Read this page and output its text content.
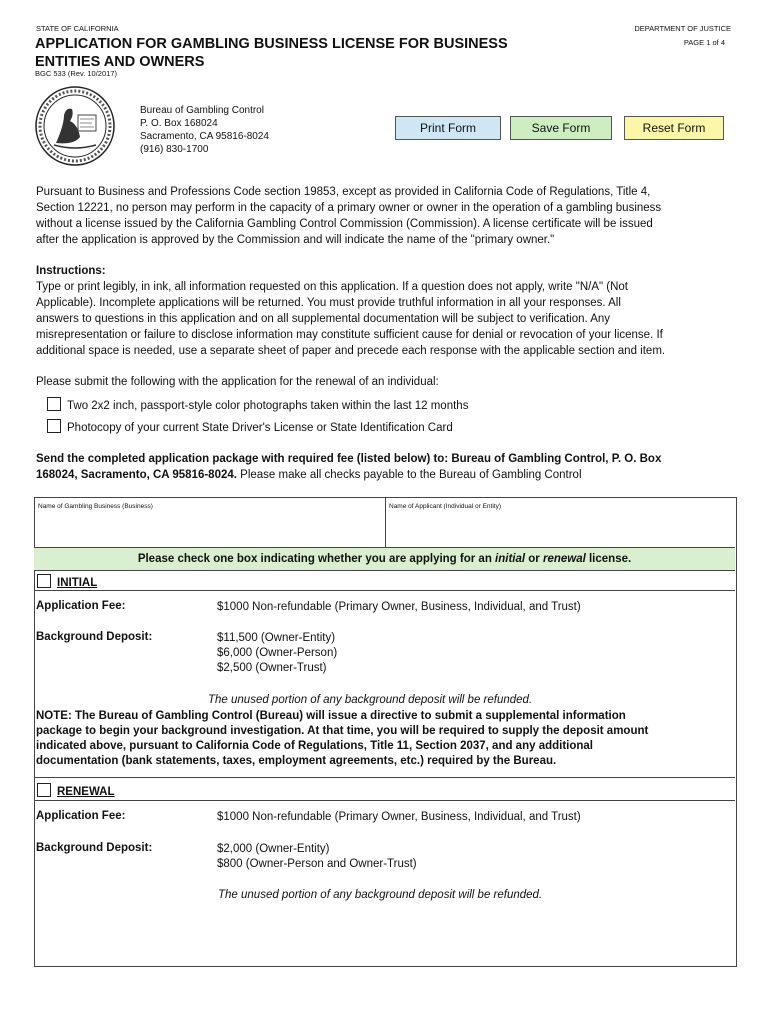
STATE OF CALIFORNIA	DEPARTMENT OF JUSTICE
PAGE 1 of 4
APPLICATION FOR GAMBLING BUSINESS LICENSE FOR BUSINESS
ENTITIES AND OWNERS
BGC 533 (Rev. 10/2017)
Bureau of Gambling Control
P. O. Box 168024
Sacramento, CA 95816-8024
(916) 830-1700
Print Form	Save Form	Reset Form
Pursuant to Business and Professions Code section 19853, except as provided in California Code of Regulations, Title 4,
Section 12221, no person may perform in the capacity of a primary owner or owner in the operation of a gambling business
without a license issued by the California Gambling Control Commission (Commission). A license certificate will be issued
after the application is approved by the Commission and will indicate the name of the "primary owner."
Instructions:
Type or print legibly, in ink, all information requested on this application. If a question does not apply, write "N/A" (Not
Applicable). Incomplete applications will be returned. You must provide truthful information in all your responses. All
answers to questions in this application and on all supplemental documentation will be subject to verification. Any
misrepresentation or failure to disclose information may constitute sufficient cause for denial or revocation of your license. If
additional space is needed, use a separate sheet of paper and precede each response with the applicable section and item.
Please submit the following with the application for the renewal of an individual:
Two 2x2 inch, passport-style color photographs taken within the last 12 months
Photocopy of your current State Driver's License or State Identification Card
Send the completed application package with required fee (listed below) to: Bureau of Gambling Control, P. O. Box
168024, Sacramento, CA 95816-8024. Please make all checks payable to the Bureau of Gambling Control
Name of Gambling Business (Business)	Name of Applicant (Individual or Entity)
Please check one box indicating whether you are applying for an initial or renewal license.
INITIAL
Application Fee:	$1000 Non-refundable (Primary Owner, Business, Individual, and Trust)
Background Deposit:	$11,500 (Owner-Entity)
$6,000 (Owner-Person)
$2,500 (Owner-Trust)
The unused portion of any background deposit will be refunded.
NOTE: The Bureau of Gambling Control (Bureau) will issue a directive to submit a supplemental information
package to begin your background investigation. At that time, you will be required to supply the deposit amount
indicated above, pursuant to California Code of Regulations, Title 11, Section 2037, and any additional
documentation (bank statements, taxes, employment agreements, etc.) required by the Bureau.
RENEWAL
Application Fee:	$1000 Non-refundable (Primary Owner, Business, Individual, and Trust)
Background Deposit:	$2,000 (Owner-Entity)
$800 (Owner-Person and Owner-Trust)
The unused portion of any background deposit will be refunded.
